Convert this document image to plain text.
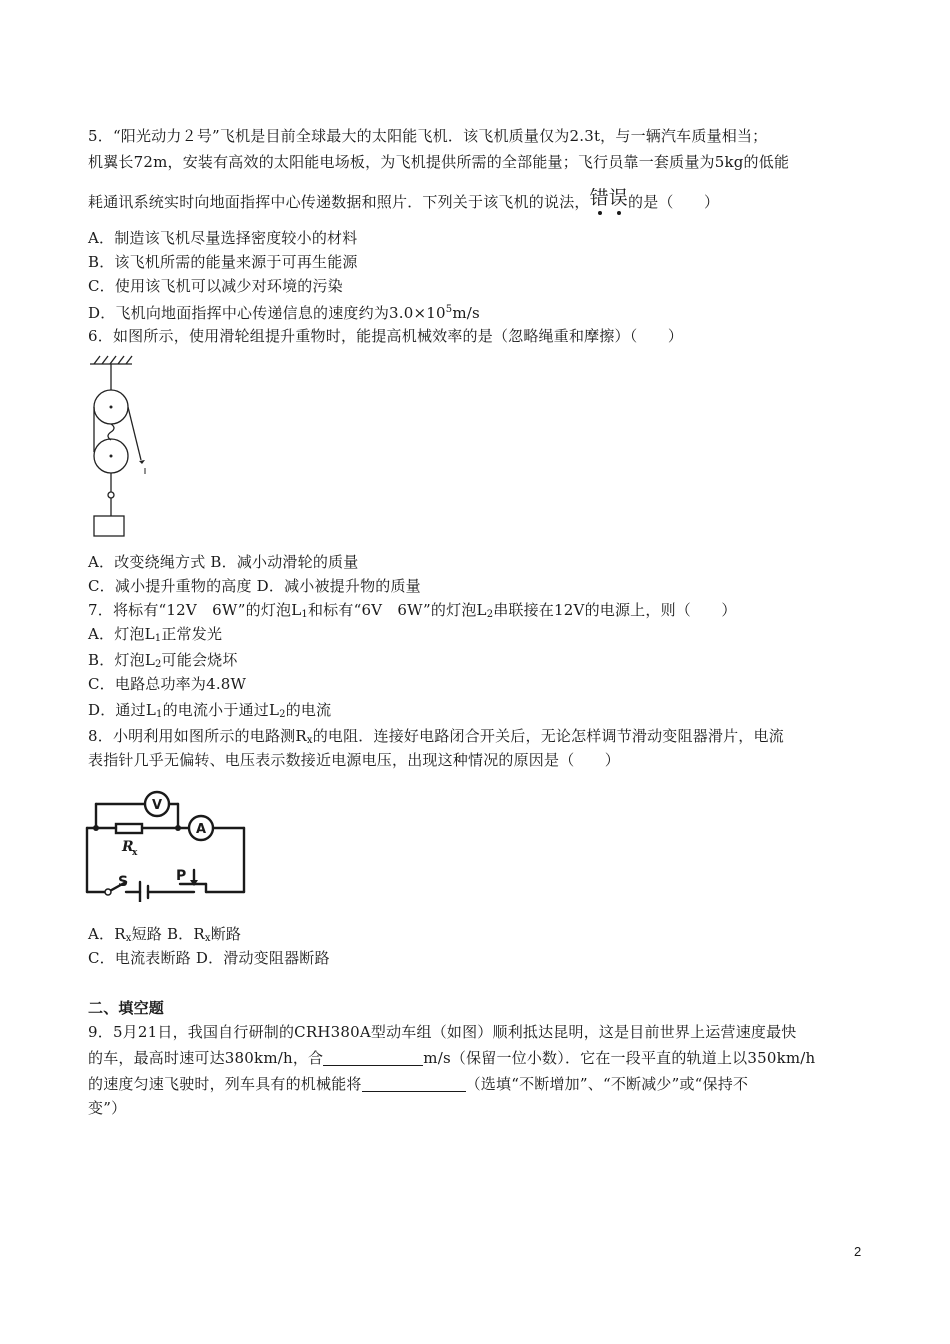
5．“阳光动力２号”飞机是目前全球最大的太阳能飞机．该飞机质量仅为2.3t，与一辆汽车质量相当；
机翼长72m，安装有高效的太阳能电场板，为飞机提供所需的全部能量；飞行员靠一套质量为5kg的低能
耗通讯系统实时向地面指挥中心传递数据和照片．下列关于该飞机的说法，错误
的是（　　）
A．制造该飞机尽量选择密度较小的材料
B．该飞机所需的能量来源于可再生能源
C．使用该飞机可以减少对环境的污染
D．飞机向地面指挥中心传递信息的速度约为$3.0\times 10^5m/s$
6．如图所示，使用滑轮组提升重物时，能提高机械效率的是（忽略绳重和摩擦）（　　）
A．改变绕绳方式 B．减小动滑轮的质量
C．减小提升重物的高度 D．减小被提升物的质量
7．将标有“12V　6W”的灯泡$L_1$和标有“6V　6W”的灯泡$L_2$串联接在12V的电源上，则（　　）
A．灯泡$L_1$正常发光
B．灯泡$L_2$可能会烧坏
C．电路总功率为4.8W
D．通过$L_1$的电流小于通过$L_2$的电流
8．小明利用如图所示的电路测$R_x$的电阻．连接好电路闭合开关后，无论怎样调节滑动变阻器滑片，电流
表指针几乎无偏转、电压表示数接近电源电压，出现这种情况的原因是（　　）
V
A
R
x
S	P
A．$R_x$短路 B．$R_x$断路
C．电流表断路 D．滑动变阻器断路
二、填空题
9．5月21日，我国自行研制的CRH380A型动车组（如图）顺利抵达昆明，这是目前世界上运营速度最快
的车，最高时速可达380km/h，合	m/s（保留一位小数）．它在一段平直的轨道上以350km/h
的速度匀速飞驶时，列车具有的机械能将	（选填“不断增加”、“不断减少”或“保持不
变”）
2
